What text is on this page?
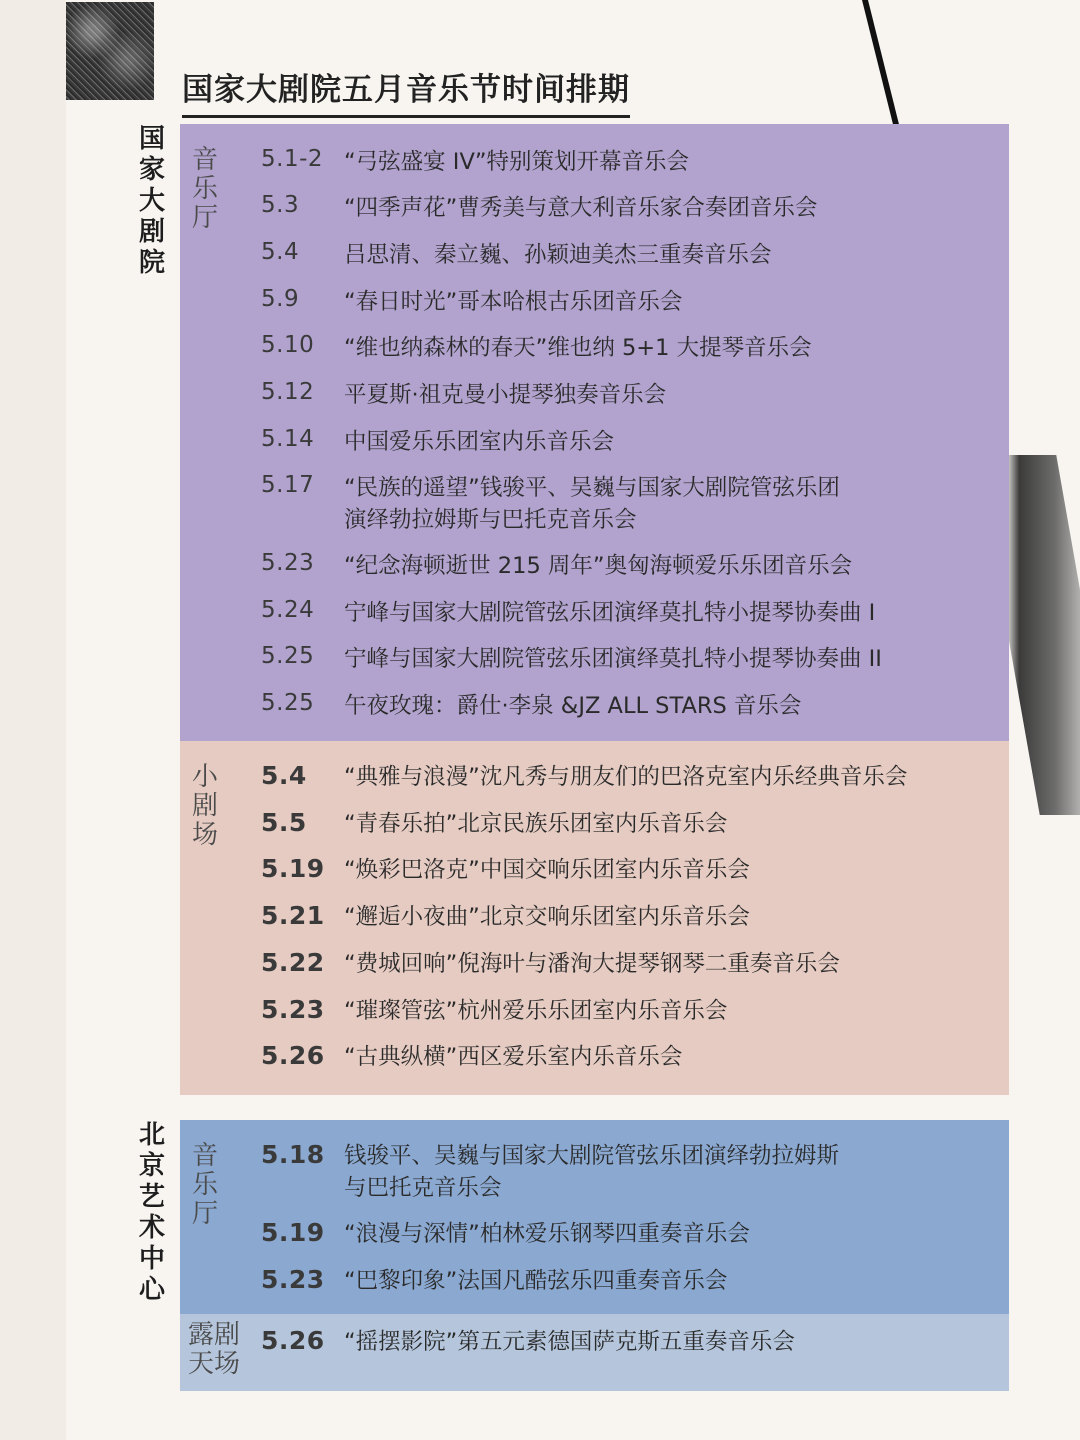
国家大剧院五月音乐节时间排期
国家大剧院
北京艺术中心
音乐厅
5.1-2 “弓弦盛宴 IV”特别策划开幕音乐会
5.3 “四季声花”曹秀美与意大利音乐家合奏团音乐会
5.4 吕思清、秦立巍、孙颖迪美杰三重奏音乐会
5.9 “春日时光”哥本哈根古乐团音乐会
5.10 “维也纳森林的春天”维也纳 5+1 大提琴音乐会
5.12 平夏斯·祖克曼小提琴独奏音乐会
5.14 中国爱乐乐团室内乐音乐会
5.17 “民族的遥望”钱骏平、吴巍与国家大剧院管弦乐团
演绎勃拉姆斯与巴托克音乐会
5.23 “纪念海顿逝世 215 周年”奥匈海顿爱乐乐团音乐会
5.24 宁峰与国家大剧院管弦乐团演绎莫扎特小提琴协奏曲 I
5.25 宁峰与国家大剧院管弦乐团演绎莫扎特小提琴协奏曲 II
5.25 午夜玫瑰：爵仕·李泉 &JZ ALL STARS 音乐会
小剧场
5.4 “典雅与浪漫”沈凡秀与朋友们的巴洛克室内乐经典音乐会
5.5 “青春乐拍”北京民族乐团室内乐音乐会
5.19 “焕彩巴洛克”中国交响乐团室内乐音乐会
5.21 “邂逅小夜曲”北京交响乐团室内乐音乐会
5.22 “费城回响”倪海叶与潘洵大提琴钢琴二重奏音乐会
5.23 “璀璨管弦”杭州爱乐乐团室内乐音乐会
5.26 “古典纵横”西区爱乐室内乐音乐会
音乐厅
5.18 钱骏平、吴巍与国家大剧院管弦乐团演绎勃拉姆斯
与巴托克音乐会
5.19 “浪漫与深情”柏林爱乐钢琴四重奏音乐会
5.23 “巴黎印象”法国凡酷弦乐四重奏音乐会
露剧天场
5.26 “摇摆影院”第五元素德国萨克斯五重奏音乐会
